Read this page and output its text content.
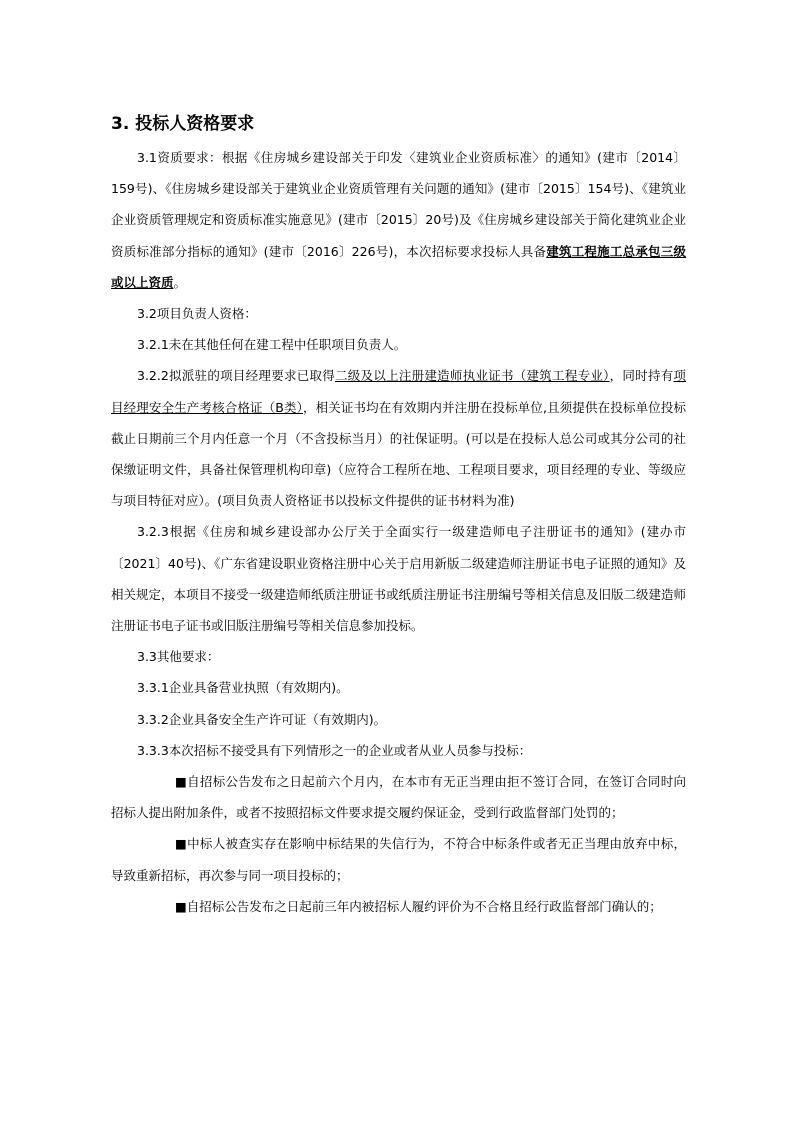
3. 投标人资格要求

3.1资质要求：根据《住房城乡建设部关于印发〈建筑业企业资质标准〉的通知》(建市〔2014〕159号)、《住房城乡建设部关于建筑业企业资质管理有关问题的通知》(建市〔2015〕154号)、《建筑业企业资质管理规定和资质标准实施意见》(建市〔2015〕20号)及《住房城乡建设部关于简化建筑业企业资质标准部分指标的通知》(建市〔2016〕226号)，本次招标要求投标人具备建筑工程施工总承包三级或以上资质。

3.2项目负责人资格：

3.2.1未在其他任何在建工程中任职项目负责人。

3.2.2拟派驻的项目经理要求已取得二级及以上注册建造师执业证书（建筑工程专业），同时持有项目经理安全生产考核合格证（B类），相关证书均在有效期内并注册在投标单位,且须提供在投标单位投标截止日期前三个月内任意一个月（不含投标当月）的社保证明。(可以是在投标人总公司或其分公司的社保缴证明文件，具备社保管理机构印章)（应符合工程所在地、工程项目要求，项目经理的专业、等级应与项目特征对应）。(项目负责人资格证书以投标文件提供的证书材料为准)

3.2.3根据《住房和城乡建设部办公厅关于全面实行一级建造师电子注册证书的通知》(建办市〔2021〕40号)、《广东省建设职业资格注册中心关于启用新版二级建造师注册证书电子证照的通知》及相关规定，本项目不接受一级建造师纸质注册证书或纸质注册证书注册编号等相关信息及旧版二级建造师注册证书电子证书或旧版注册编号等相关信息参加投标。

3.3其他要求：

3.3.1企业具备营业执照（有效期内)。

3.3.2企业具备安全生产许可证（有效期内)。

3.3.3本次招标不接受具有下列情形之一的企业或者从业人员参与投标：

■自招标公告发布之日起前六个月内，在本市有无正当理由拒不签订合同，在签订合同时向招标人提出附加条件，或者不按照招标文件要求提交履约保证金，受到行政监督部门处罚的；

■中标人被查实存在影响中标结果的失信行为，不符合中标条件或者无正当理由放弃中标，导致重新招标，再次参与同一项目投标的；

■自招标公告发布之日起前三年内被招标人履约评价为不合格且经行政监督部门确认的；
